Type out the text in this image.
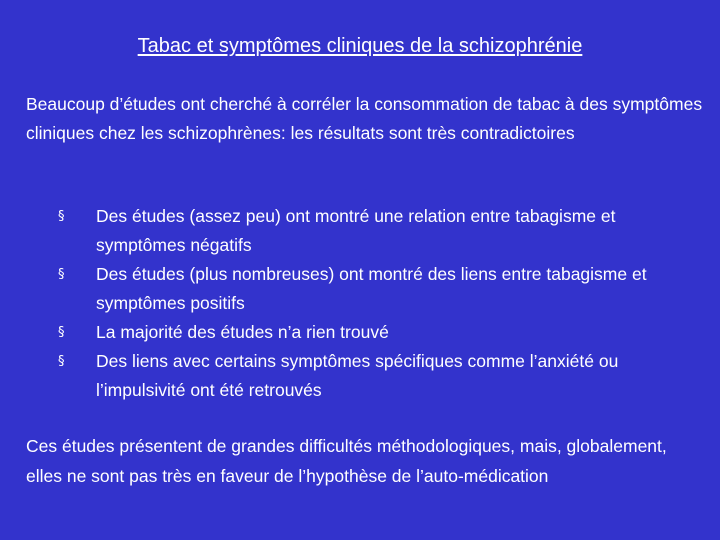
Tabac et symptômes cliniques de la schizophrénie
Beaucoup d’études ont cherché à corréler la consommation de tabac à des symptômes cliniques chez les schizophrènes: les résultats sont très contradictoires
§	Des études (assez peu) ont montré une relation entre tabagisme et symptômes négatifs
§	Des études (plus nombreuses) ont montré des liens entre tabagisme et symptômes positifs
§	La majorité des études n’a rien trouvé
§	Des liens avec certains symptômes spécifiques comme l’anxiété ou l’impulsivité ont été retrouvés
Ces études présentent de grandes difficultés méthodologiques, mais, globalement, elles ne sont pas très en faveur de l’hypothèse de l’auto-médication
